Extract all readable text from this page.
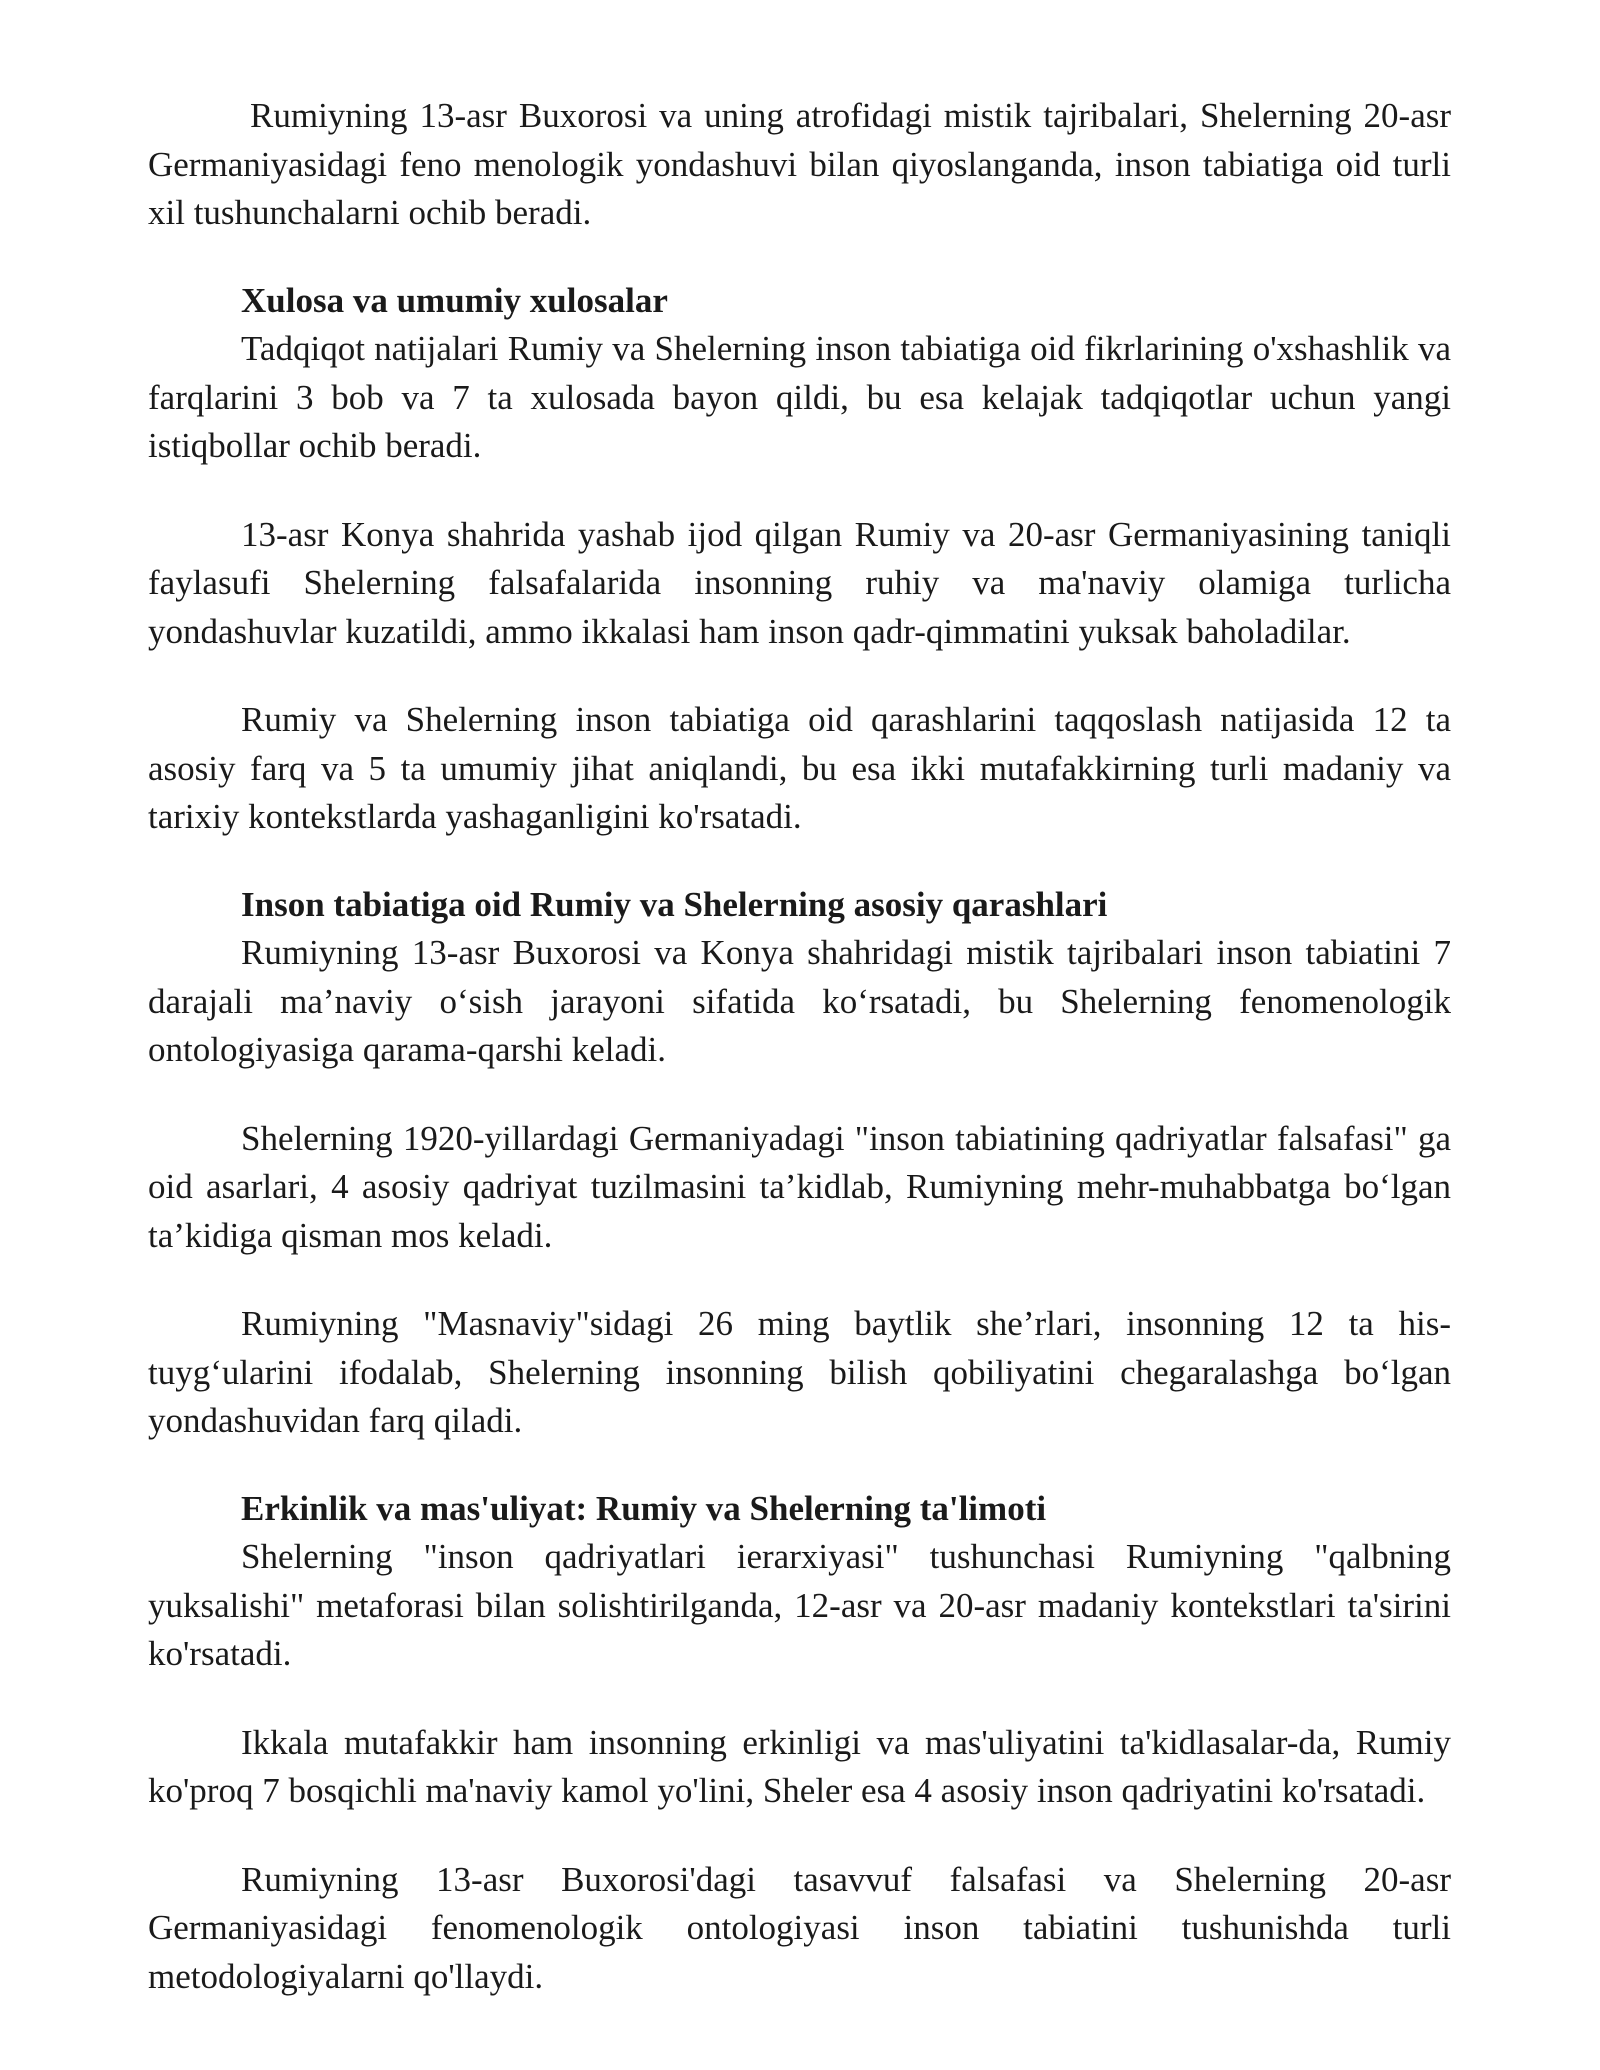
Rumiyning 13-asr Buxorosi va uning atrofidagi mistik tajribalari, Shelerning 20-asr Germaniyasidagi feno menologik yondashuvi bilan qiyoslanganda, inson tabiatiga oid turli xil tushunchalarni ochib beradi.

Xulosa va umumiy xulosalar

Tadqiqot natijalari Rumiy va Shelerning inson tabiatiga oid fikrlarining o'xshashlik va farqlarini 3 bob va 7 ta xulosada bayon qildi, bu esa kelajak tadqiqotlar uchun yangi istiqbollar ochib beradi.

13-asr Konya shahrida yashab ijod qilgan Rumiy va 20-asr Germaniyasining taniqli faylasufi Shelerning falsafalarida insonning ruhiy va ma'naviy olamiga turlicha yondashuvlar kuzatildi, ammo ikkalasi ham inson qadr-qimmatini yuksak baholadilar.

Rumiy va Shelerning inson tabiatiga oid qarashlarini taqqoslash natijasida 12 ta asosiy farq va 5 ta umumiy jihat aniqlandi, bu esa ikki mutafakkirning turli madaniy va tarixiy kontekstlarda yashaganligini ko'rsatadi.

Inson tabiatiga oid Rumiy va Shelerning asosiy qarashlari

Rumiyning 13-asr Buxorosi va Konya shahridagi mistik tajribalari inson tabiatini 7 darajali ma’naviy o‘sish jarayoni sifatida ko‘rsatadi, bu Shelerning fenomenologik ontologiyasiga qarama-qarshi keladi.

Shelerning 1920-yillardagi Germaniyadagi "inson tabiatining qadriyatlar falsafasi" ga oid asarlari, 4 asosiy qadriyat tuzilmasini ta’kidlab, Rumiyning mehr-muhabbatga bo‘lgan ta’kidiga qisman mos keladi.

Rumiyning "Masnaviy"sidagi 26 ming baytlik she’rlari, insonning 12 ta his-tuyg‘ularini ifodalab, Shelerning insonning bilish qobiliyatini chegaralashga bo‘lgan yondashuvidan farq qiladi.

Erkinlik va mas'uliyat: Rumiy va Shelerning ta'limoti

Shelerning "inson qadriyatlari ierarxiyasi" tushunchasi Rumiyning "qalbning yuksalishi" metaforasi bilan solishtirilganda, 12-asr va 20-asr madaniy kontekstlari ta'sirini ko'rsatadi.

Ikkala mutafakkir ham insonning erkinligi va mas'uliyatini ta'kidlasalar-da, Rumiy ko'proq 7 bosqichli ma'naviy kamol yo'lini, Sheler esa 4 asosiy inson qadriyatini ko'rsatadi.

Rumiyning 13-asr Buxorosi'dagi tasavvuf falsafasi va Shelerning 20-asr Germaniyasidagi fenomenologik ontologiyasi inson tabiatini tushunishda turli metodologiyalarni qo'llaydi.
